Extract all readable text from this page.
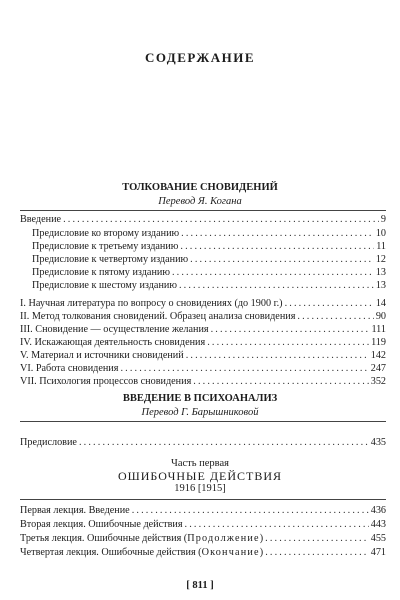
СОДЕРЖАНИЕ
ТОЛКОВАНИЕ СНОВИДЕНИЙ
Перевод Я. Когана
Введение . . .	9
Предисловие ко второму изданию . . .	10
Предисловие к третьему изданию . . .	11
Предисловие к четвертому изданию . . .	12
Предисловие к пятому изданию . . .	13
Предисловие к шестому изданию . . .	13
I. Научная литература по вопросу о сновидениях (до 1900 г.) . . .	14
II. Метод толкования сновидений. Образец анализа сновидения . . .	90
III. Сновидение — осуществление желания . . .	111
IV. Искажающая деятельность сновидения . . .	119
V. Материал и источники сновидений . . .	142
VI. Работа сновидения . . .	247
VII. Психология процессов сновидения . . .	352
ВВЕДЕНИЕ В ПСИХОАНАЛИЗ
Перевод Г. Барышниковой
Предисловие . . .	435
Часть первая
ОШИБОЧНЫЕ ДЕЙСТВИЯ
1916 [1915]
Первая лекция. Введение . . .	436
Вторая лекция. Ошибочные действия . . .	443
Третья лекция. Ошибочные действия (Продолжение) . . .	455
Четвертая лекция. Ошибочные действия (Окончание) . . .	471
[ 811 ]
